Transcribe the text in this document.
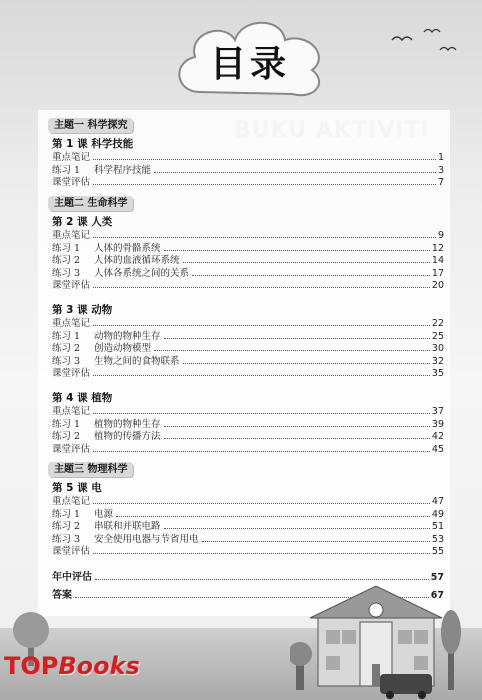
目录
主题一 科学探究
第 1 课 科学技能
重点笔记	1
练习 1	科学程序技能	3
课堂评估	7
主题二 生命科学
第 2 课 人类
重点笔记	9
练习 1	人体的骨骼系统	12
练习 2	人体的血液循环系统	14
练习 3	人体各系统之间的关系	17
课堂评估	20
第 3 课 动物
重点笔记	22
练习 1	动物的物种生存	25
练习 2	创造动物模型	30
练习 3	生物之间的食物联系	32
课堂评估	35
第 4 课 植物
重点笔记	37
练习 1	植物的物种生存	39
练习 2	植物的传播方法	42
课堂评估	45
主题三 物理科学
第 5 课 电
重点笔记	47
练习 1	电源	49
练习 2	串联和并联电路	51
练习 3	安全使用电器与节省用电	53
课堂评估	55
年中评估	57
答案	67
TOPBooks
